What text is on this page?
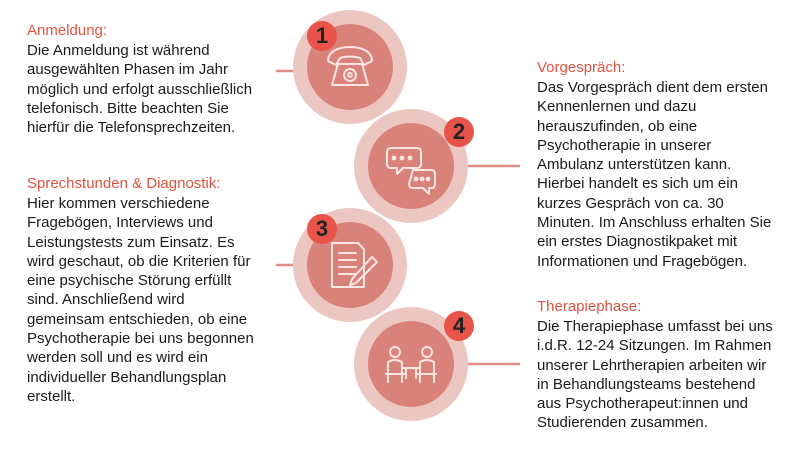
1
2
3
4
Anmeldung:
Die Anmeldung ist während
ausgewählten Phasen im Jahr
möglich und erfolgt ausschließlich
telefonisch. Bitte beachten Sie
hierfür die Telefonsprechzeiten.
Vorgespräch:
Das Vorgespräch dient dem ersten
Kennenlernen und dazu
herauszufinden, ob eine
Psychotherapie in unserer
Ambulanz unterstützen kann.
Hierbei handelt es sich um ein
kurzes Gespräch von ca. 30
Minuten. Im Anschluss erhalten Sie
ein erstes Diagnostikpaket mit
Informationen und Fragebögen.
Sprechstunden & Diagnostik:
Hier kommen verschiedene
Fragebögen, Interviews und
Leistungstests zum Einsatz. Es
wird geschaut, ob die Kriterien für
eine psychische Störung erfüllt
sind. Anschließend wird
gemeinsam entschieden, ob eine
Psychotherapie bei uns begonnen
werden soll und es wird ein
individueller Behandlungsplan
erstellt.
Therapiephase:
Die Therapiephase umfasst bei uns
i.d.R. 12-24 Sitzungen. Im Rahmen
unserer Lehrtherapien arbeiten wir
in Behandlungsteams bestehend
aus Psychotherapeut:innen und
Studierenden zusammen.
